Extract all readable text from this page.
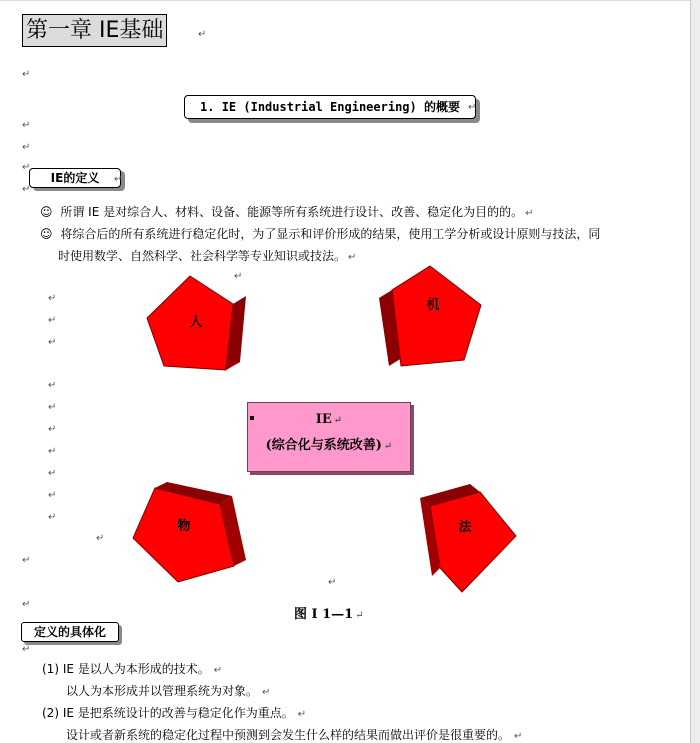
第一章 IE基础
↵
↵
1. IE (Industrial Engineering) 的概要
↵
↵
↵
↵
↵
IE的定义
↵
☺ 所谓 IE 是对综合人、材料、设备、能源等所有系统进行设计、改善、稳定化为目的的。 ↵
☺ 将综合后的所有系统进行稳定化时，为了显示和评价形成的结果，使用工学分析或设计原则与技法，同
时使用数学、自然科学、社会科学等专业知识或技法。 ↵
↵
↵
↵
↵
↵
↵
↵
↵
↵
↵
↵
↵
↵
↵
↵
人
机
物	法
IE ↵
(综合化与系统改善) ↵
图 I 1—1 ↵
定义的具体化
↵
(1) IE 是以人为本形成的技术。 ↵
以人为本形成并以管理系统为对象。 ↵
(2) IE 是把系统设计的改善与稳定化作为重点。 ↵
设计或者新系统的稳定化过程中预测到会发生什么样的结果而做出评价是很重要的。 ↵
